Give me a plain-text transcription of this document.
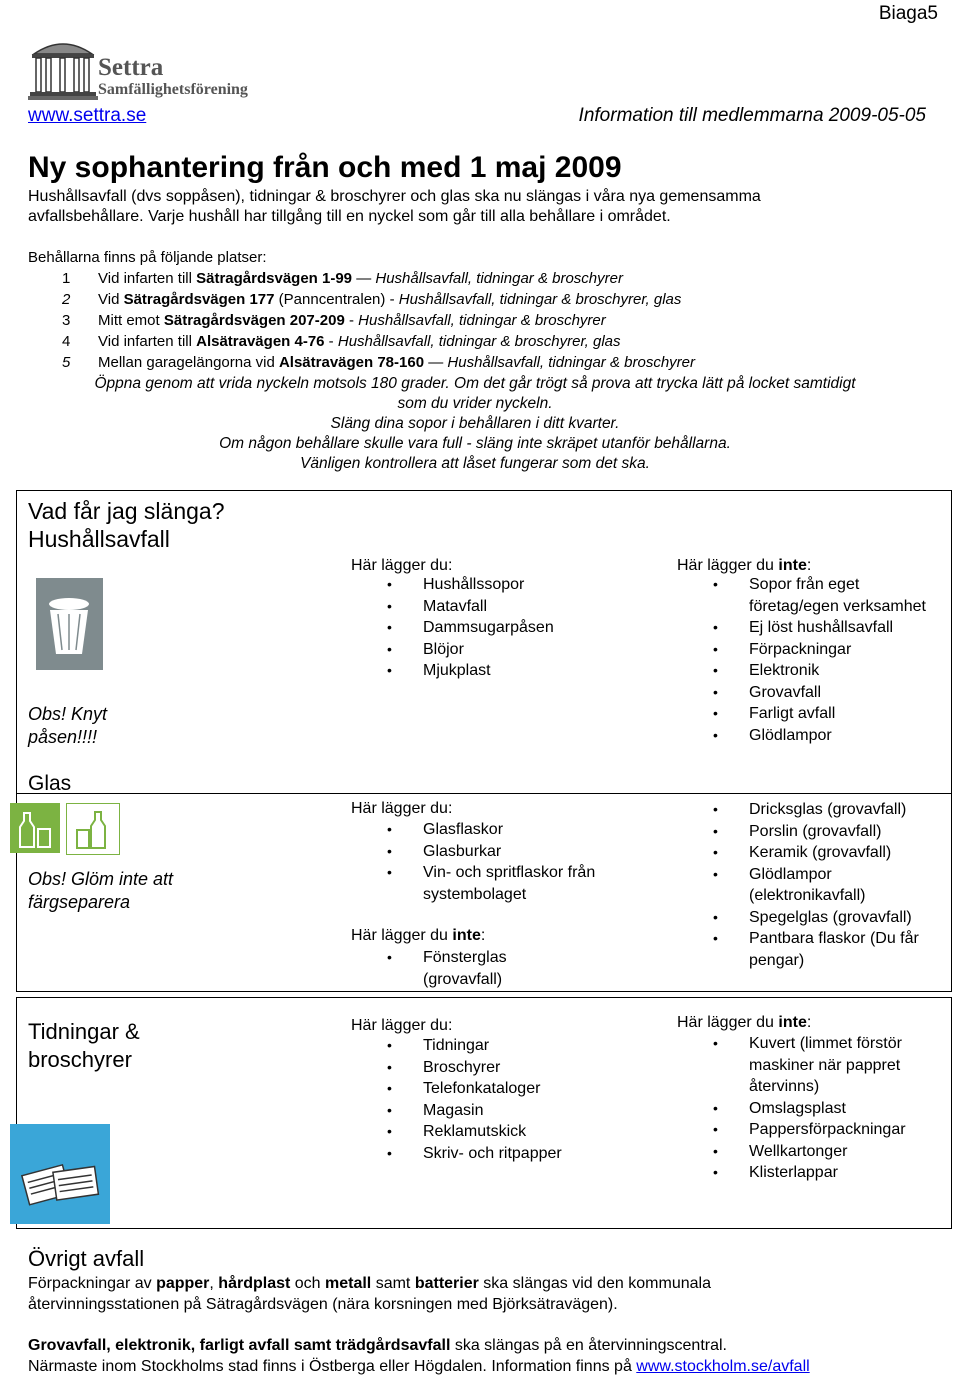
Biaga5
Settra
Samfällighetsförening
www.settra.se	Information till medlemmarna 2009-05-05
Ny sophantering från och med 1 maj 2009
Hushållsavfall (dvs soppåsen), tidningar & broschyrer och glas ska nu slängas i våra nya gemensamma
avfallsbehållare. Varje hushåll har tillgång till en nyckel som går till alla behållare i området.
Behållarna finns på följande platser:
1 Vid infarten till Sätragårdsvägen 1-99 — Hushållsavfall, tidningar & broschyrer
2 Vid Sätragårdsvägen 177 (Panncentralen) - Hushållsavfall, tidningar & broschyrer, glas
3 Mitt emot Sätragårdsvägen 207-209 - Hushållsavfall, tidningar & broschyrer
4 Vid infarten till Alsätravägen 4-76 - Hushållsavfall, tidningar & broschyrer, glas
5 Mellan garagelängorna vid Alsätravägen 78-160 — Hushållsavfall, tidningar & broschyrer
Öppna genom att vrida nyckeln motsols 180 grader. Om det går trögt så prova att trycka lätt på locket samtidigt
som du vrider nyckeln.
Släng dina sopor i behållaren i ditt kvarter.
Om någon behållare skulle vara full - släng inte skräpet utanför behållarna.
Vänligen kontrollera att låset fungerar som det ska.
Vad får jag slänga?
Hushållsavfall
Obs! Knyt påsen!!!!
Här lägger du:
• Hushållssopor
• Matavfall
• Dammsugarpåsen
• Blöjor
• Mjukplast
Här lägger du inte:
• Sopor från eget företag/egen verksamhet
• Ej löst hushållsavfall
• Förpackningar
• Elektronik
• Grovavfall
• Farligt avfall
• Glödlampor
Glas
Obs! Glöm inte att färgseparera
Här lägger du:
• Glasflaskor
• Glasburkar
• Vin- och spritflaskor från systembolaget
Här lägger du inte:
• Fönsterglas (grovavfall)
• Dricksglas (grovavfall)
• Porslin (grovavfall)
• Keramik (grovavfall)
• Glödlampor (elektronikavfall)
• Spegelglas (grovavfall)
• Pantbara flaskor (Du får pengar)
Tidningar & broschyrer
Här lägger du:
• Tidningar
• Broschyrer
• Telefonkataloger
• Magasin
• Reklamutskick
• Skriv- och ritpapper
Här lägger du inte:
• Kuvert (limmet förstör maskiner när pappret återvinns)
• Omslagsplast
• Pappersförpackningar
• Wellkartonger
• Klisterlappar
Övrigt avfall
Förpackningar av papper, hårdplast och metall samt batterier ska slängas vid den kommunala
återvinningsstationen på Sätragårdsvägen (nära korsningen med Björksätravägen).
Grovavfall, elektronik, farligt avfall samt trädgårdsavfall ska slängas på en återvinningscentral.
Närmaste inom Stockholms stad finns i Östberga eller Högdalen. Information finns på www.stockholm.se/avfall
